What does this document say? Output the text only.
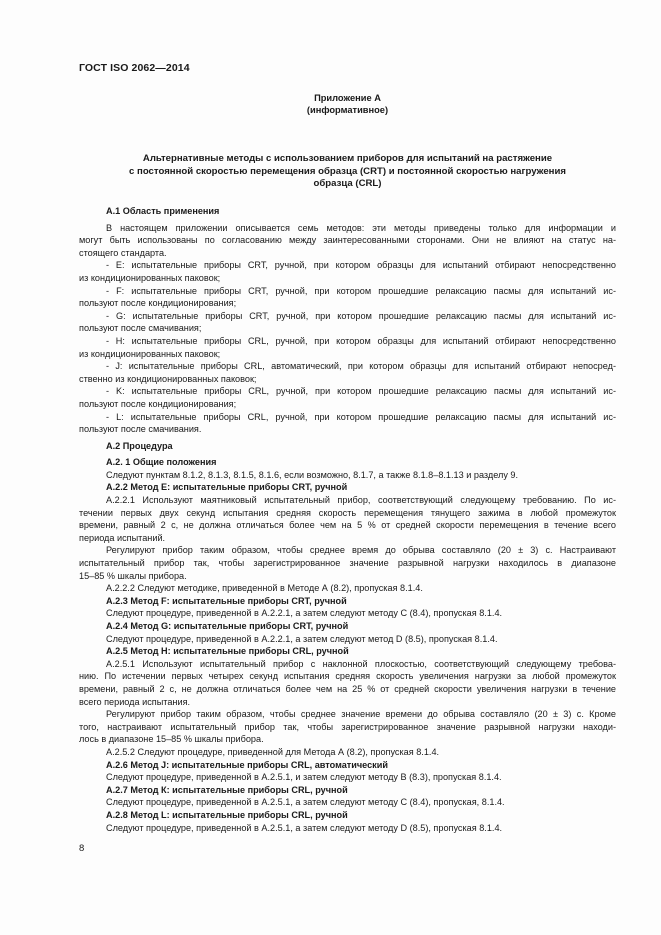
ГОСТ ISO 2062—2014
Приложение А
(информативное)
Альтернативные методы с использованием приборов для испытаний на растяжение
с постоянной скоростью перемещения образца (CRT) и постоянной скоростью нагружения
образца (CRL)
А.1 Область применения
В настоящем приложении описывается семь методов: эти методы приведены только для информации и
могут быть использованы по согласованию между заинтересованными сторонами. Они не влияют на статус на-
стоящего стандарта.
- E: испытательные приборы CRT, ручной, при котором образцы для испытаний отбирают непосредственно
из кондиционированных паковок;
- F: испытательные приборы CRT, ручной, при котором прошедшие релаксацию пасмы для испытаний ис-
пользуют после кондиционирования;
- G: испытательные приборы CRT, ручной, при котором прошедшие релаксацию пасмы для испытаний ис-
пользуют после смачивания;
- H: испытательные приборы CRL, ручной, при котором образцы для испытаний отбирают непосредственно
из кондиционированных паковок;
- J: испытательные приборы CRL, автоматический, при котором образцы для испытаний отбирают непосред-
ственно из кондиционированных паковок;
- K: испытательные приборы CRL, ручной, при котором прошедшие релаксацию пасмы для испытаний ис-
пользуют после кондиционирования;
- L: испытательные приборы CRL, ручной, при котором прошедшие релаксацию пасмы для испытаний ис-
пользуют после смачивания.
А.2 Процедура
А.2. 1 Общие положения
Следуют пунктам 8.1.2, 8.1.3, 8.1.5, 8.1.6, если возможно, 8.1.7, а также 8.1.8–8.1.13 и разделу 9.
А.2.2 Метод Е: испытательные приборы CRT, ручной
А.2.2.1 Используют маятниковый испытательный прибор, соответствующий следующему требованию. По ис-
течении первых двух секунд испытания средняя скорость перемещения тянущего зажима в любой промежуток
времени, равный 2 с, не должна отличаться более чем на 5 % от средней скорости перемещения в течение всего
периода испытаний.
Регулируют прибор таким образом, чтобы среднее время до обрыва составляло (20 ± 3) с. Настраивают
испытательный прибор так, чтобы зарегистрированное значение разрывной нагрузки находилось в диапазоне
15–85 % шкалы прибора.
А.2.2.2 Следуют методике, приведенной в Методе А (8.2), пропуская 8.1.4.
А.2.3 Метод F: испытательные приборы CRT, ручной
Следуют процедуре, приведенной в А.2.2.1, а затем следуют методу С (8.4), пропуская 8.1.4.
А.2.4 Метод G: испытательные приборы CRT, ручной
Следуют процедуре, приведенной в А.2.2.1, а затем следуют метод D (8.5), пропуская 8.1.4.
А.2.5 Метод Н: испытательные приборы CRL, ручной
А.2.5.1 Используют испытательный прибор с наклонной плоскостью, соответствующий следующему требова-
нию. По истечении первых четырех секунд испытания средняя скорость увеличения нагрузки за любой промежуток
времени, равный 2 с, не должна отличаться более чем на 25 % от средней скорости увеличения нагрузки в течение
всего периода испытания.
Регулируют прибор таким образом, чтобы среднее значение времени до обрыва составляло (20 ± 3) с. Кроме
того, настраивают испытательный прибор так, чтобы зарегистрированное значение разрывной нагрузки находи-
лось в диапазоне 15–85 % шкалы прибора.
А.2.5.2 Следуют процедуре, приведенной для Метода А (8.2), пропуская 8.1.4.
А.2.6 Метод J: испытательные приборы CRL, автоматический
Следуют процедуре, приведенной в А.2.5.1, и затем следуют методу В (8.3), пропуская 8.1.4.
А.2.7 Метод К: испытательные приборы CRL, ручной
Следуют процедуре, приведенной в А.2.5.1, а затем следуют методу С (8.4), пропуская, 8.1.4.
А.2.8 Метод L: испытательные приборы CRL, ручной
Следуют процедуре, приведенной в А.2.5.1, а затем следуют методу D (8.5), пропуская 8.1.4.
8
